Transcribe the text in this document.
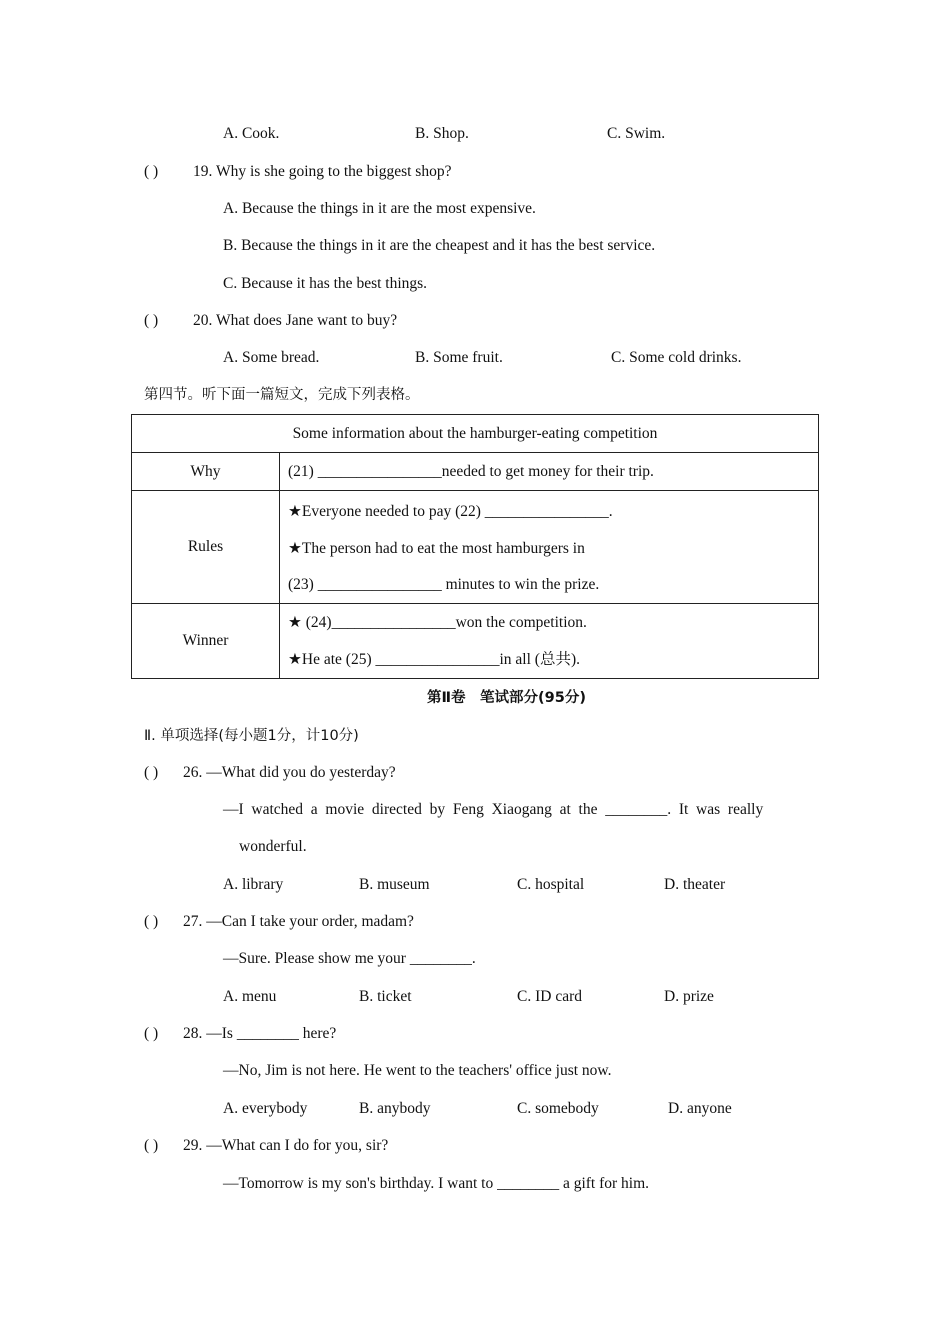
A. Cook.	B. Shop.	C. Swim.
( ) 19. Why is she going to the biggest shop?
A. Because the things in it are the most expensive.
B. Because the things in it are the cheapest and it has the best service.
C. Because it has the best things.
( ) 20. What does Jane want to buy?
A. Some bread.	B. Some fruit.	C. Some cold drinks.
第四节。听下面一篇短文，完成下列表格。
Some information about the hamburger-eating competition	
Why	(21) ________________needed to get money for their trip.

Rules	★Everyone needed to pay (22) ________________.
★The person had to eat the most hamburgers in
(23) ________________ minutes to win the prize.

Winner	★ (24)________________won the competition.
★He ate (25) ________________in all (总共).
第Ⅱ卷　笔试部分(95分)
Ⅱ. 单项选择(每小题1分，计10分)
( ) 26. —What did you do yesterday?
—I  watched  a  movie  directed  by  Feng  Xiaogang  at  the  ________.  It  was  really
wonderful.
A. library	B. museum	C. hospital	D. theater
( ) 27. —Can I take your order, madam?
—Sure. Please show me your ________.
A. menu	B. ticket	C. ID card	D. prize
( ) 28. —Is ________ here?
—No, Jim is not here. He went to the teachers' office just now.
A. everybody	B. anybody	C. somebody	D. anyone
( ) 29. —What can I do for you, sir?
—Tomorrow is my son's birthday. I want to ________ a gift for him.
